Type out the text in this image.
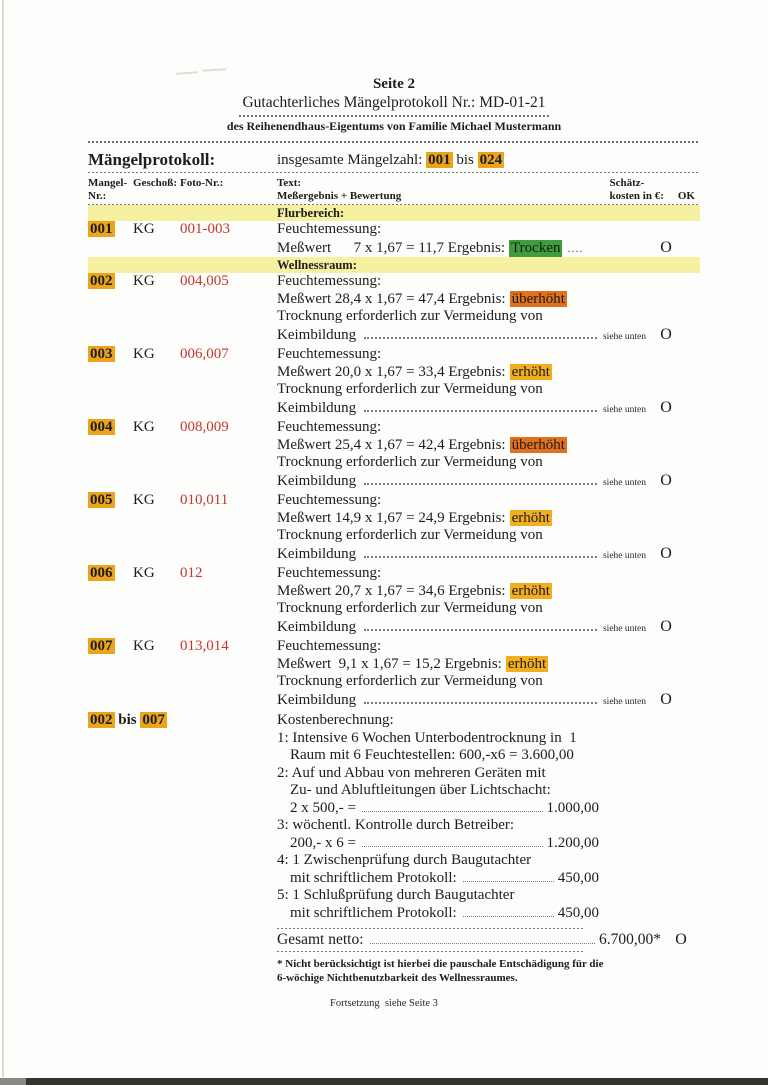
Seite 2
Gutachterliches Mängelprotokoll Nr.: MD-01-21
des Reihenendhaus-Eigentums von Familie Michael Mustermann
Mängelprotokoll:	insgesamte Mängelzahl: 001 bis 024
Mangel-
Nr.:
Geschoß: Foto-Nr.:	Text:
Meßergebnis + Bewertung
Schätz-
kosten in €: OK
Flurbereich:
001	KG	001-003	Feuchtemessung:
Meßwert      7 x 1,67 = 11,7 Ergebnis: Trocken ....	O
Wellnessraum:
002	KG	004,005	Feuchtemessung:
Meßwert 28,4 x 1,67 = 47,4 Ergebnis: überhöht
Trocknung erforderlich zur Vermeidung von
Keimbildung	siehe unten O
003	KG	006,007	Feuchtemessung:
Meßwert 20,0 x 1,67 = 33,4 Ergebnis: erhöht
Trocknung erforderlich zur Vermeidung von
Keimbildung	siehe unten O
004	KG	008,009	Feuchtemessung:
Meßwert 25,4 x 1,67 = 42,4 Ergebnis: überhöht
Trocknung erforderlich zur Vermeidung von
Keimbildung	siehe unten O
005	KG	010,011	Feuchtemessung:
Meßwert 14,9 x 1,67 = 24,9 Ergebnis: erhöht
Trocknung erforderlich zur Vermeidung von
Keimbildung	siehe unten O
006	KG	012	Feuchtemessung:
Meßwert 20,7 x 1,67 = 34,6 Ergebnis: erhöht
Trocknung erforderlich zur Vermeidung von
Keimbildung	siehe unten O
007	KG	013,014	Feuchtemessung:
Meßwert  9,1 x 1,67 = 15,2 Ergebnis: erhöht
Trocknung erforderlich zur Vermeidung von
Keimbildung	siehe unten O
002 bis 007	Kostenberechnung:
1: Intensive 6 Wochen Unterbodentrocknung in  1
Raum mit 6 Feuchtestellen: 600,-x6 = 3.600,00
2: Auf und Abbau von mehreren Geräten mit
Zu- und Abluftleitungen über Lichtschacht:
2 x 500,- =	1.000,00
3: wöchentl. Kontrolle durch Betreiber:
200,- x 6 =	1.200,00
4: 1 Zwischenprüfung durch Baugutachter
mit schriftlichem Protokoll:	450,00
5: 1 Schlußprüfung durch Baugutachter
mit schriftlichem Protokoll:	450,00
Gesamt netto:	6.700,00* O
* Nicht berücksichtigt ist hierbei die pauschale Entschädigung für die
6-wöchige Nichtbenutzbarkeit des Wellnessraumes.
Fortsetzung  siehe Seite 3
